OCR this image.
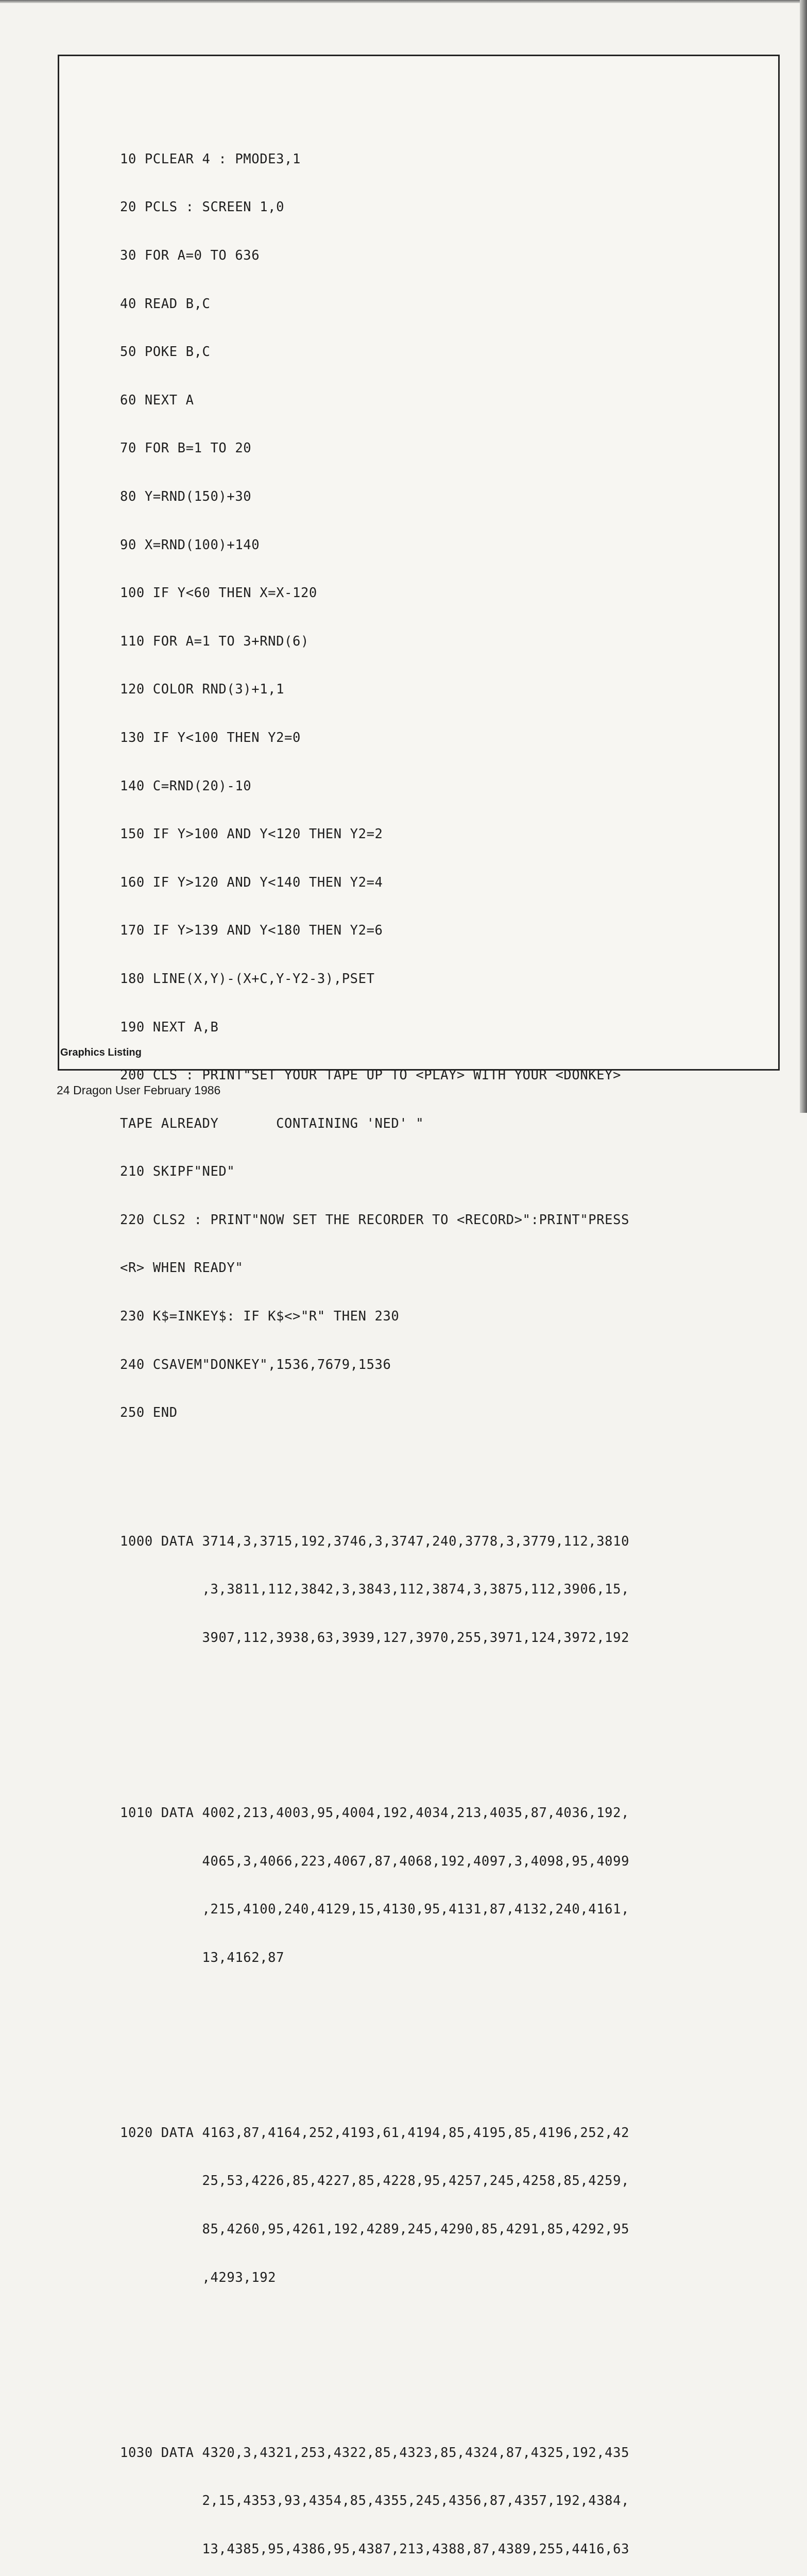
10 PCLEAR 4 : PMODE3,1

20 PCLS : SCREEN 1,0

30 FOR A=0 TO 636

40 READ B,C

50 POKE B,C

60 NEXT A

70 FOR B=1 TO 20

80 Y=RND(150)+30

90 X=RND(100)+140

100 IF Y<60 THEN X=X-120

110 FOR A=1 TO 3+RND(6)

120 COLOR RND(3)+1,1

130 IF Y<100 THEN Y2=0

140 C=RND(20)-10

150 IF Y>100 AND Y<120 THEN Y2=2

160 IF Y>120 AND Y<140 THEN Y2=4

170 IF Y>139 AND Y<180 THEN Y2=6

180 LINE(X,Y)-(X+C,Y-Y2-3),PSET

190 NEXT A,B

200 CLS : PRINT"SET YOUR TAPE UP TO <PLAY> WITH YOUR <DONKEY>

TAPE ALREADY       CONTAINING 'NED' "

210 SKIPF"NED"

220 CLS2 : PRINT"NOW SET THE RECORDER TO <RECORD>":PRINT"PRESS

<R> WHEN READY"

230 K$=INKEY$: IF K$<>"R" THEN 230

240 CSAVEM"DONKEY",1536,7679,1536

250 END

1000 DATA 3714,3,3715,192,3746,3,3747,240,3778,3,3779,112,3810

,3,3811,112,3842,3,3843,112,3874,3,3875,112,3906,15,

3907,112,3938,63,3939,127,3970,255,3971,124,3972,192

1010 DATA 4002,213,4003,95,4004,192,4034,213,4035,87,4036,192,

4065,3,4066,223,4067,87,4068,192,4097,3,4098,95,4099

,215,4100,240,4129,15,4130,95,4131,87,4132,240,4161,

13,4162,87

1020 DATA 4163,87,4164,252,4193,61,4194,85,4195,85,4196,252,42

25,53,4226,85,4227,85,4228,95,4257,245,4258,85,4259,

85,4260,95,4261,192,4289,245,4290,85,4291,85,4292,95

,4293,192

1030 DATA 4320,3,4321,253,4322,85,4323,85,4324,87,4325,192,435

2,15,4353,93,4354,85,4355,245,4356,87,4357,192,4384,

13,4385,95,4386,95,4387,213,4388,87,4389,255,4416,63

Graphics Listing
24 Dragon User February 1986
